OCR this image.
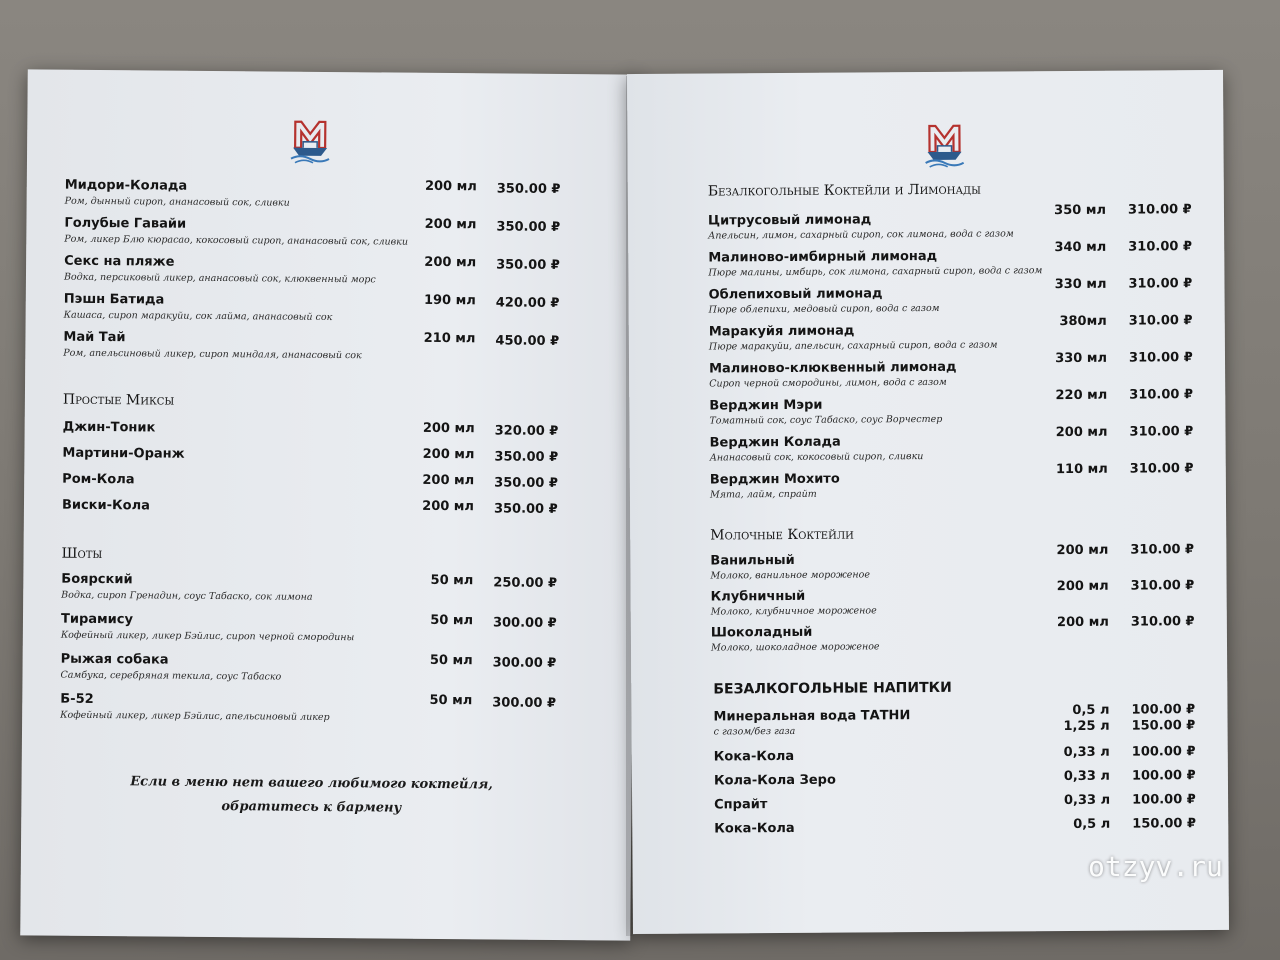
Мидори-Колада
Ром, дынный сироп, ананасовый сок, сливки
200 мл 350.00 ₽
Голубые Гавайи
Ром, ликер Блю кюрасао, кокосовый сироп, ананасовый сок, сливки
200 мл 350.00 ₽
Секс на пляже
Водка, персиковый ликер, ананасовый сок, клюквенный морс
200 мл 350.00 ₽
Пэшн Батида
Кашаса, сироп маракуйи, сок лайма, ананасовый сок
190 мл 420.00 ₽
Май Тай
Ром, апельсиновый ликер, сироп миндаля, ананасовый сок
210 мл 450.00 ₽
Простые Миксы
Джин-Тоник	200 мл 320.00 ₽
Мартини-Оранж	200 мл 350.00 ₽
Ром-Кола	200 мл 350.00 ₽
Виски-Кола	200 мл 350.00 ₽
Шоты
Боярский
Водка, сироп Гренадин, соус Табаско, сок лимона
50 мл 250.00 ₽
Тирамису
Кофейный ликер, ликер Бэйлис, сироп черной смородины
50 мл 300.00 ₽
Рыжая собака
Самбука, серебряная текила, соус Табаско
50 мл 300.00 ₽
Б-52
Кофейный ликер, ликер Бэйлис, апельсиновый ликер
50 мл 300.00 ₽
Если в меню нет вашего любимого коктейля,
обратитесь к бармену
Безалкогольные Коктейли и Лимонады
Цитрусовый лимонад
Апельсин, лимон, сахарный сироп, сок лимона, вода с газом
350 мл 310.00 ₽
Малиново-имбирный лимонад
Пюре малины, имбирь, сок лимона, сахарный сироп, вода с газом
340 мл 310.00 ₽
Облепиховый лимонад
Пюре облепихи, медовый сироп, вода с газом
330 мл 310.00 ₽
Маракуйя лимонад
Пюре маракуйи, апельсин, сахарный сироп, вода с газом
380мл 310.00 ₽
Малиново-клюквенный лимонад
Сироп черной смородины, лимон, вода с газом
330 мл 310.00 ₽
Верджин Мэри
Томатный сок, соус Табаско, соус Ворчестер
220 мл 310.00 ₽
Верджин Колада
Ананасовый сок, кокосовый сироп, сливки
200 мл 310.00 ₽
Верджин Мохито
Мята, лайм, спрайт
110 мл 310.00 ₽
Молочные Коктейли
Ванильный
Молоко, ванильное мороженое
200 мл 310.00 ₽
Клубничный
Молоко, клубничное мороженое
200 мл 310.00 ₽
Шоколадный
Молоко, шоколадное мороженое
200 мл 310.00 ₽
БЕЗАЛКОГОЛЬНЫЕ НАПИТКИ
Минеральная вода ТАТНИ
с газом/без газа
0,5 л 100.00 ₽
1,25 л 150.00 ₽
Кока-Кола	0,33 л 100.00 ₽
Кола-Кола Зеро	0,33 л 100.00 ₽
Спрайт	0,33 л 100.00 ₽
Кока-Кола	0,5 л 150.00 ₽
otzyv.ru
